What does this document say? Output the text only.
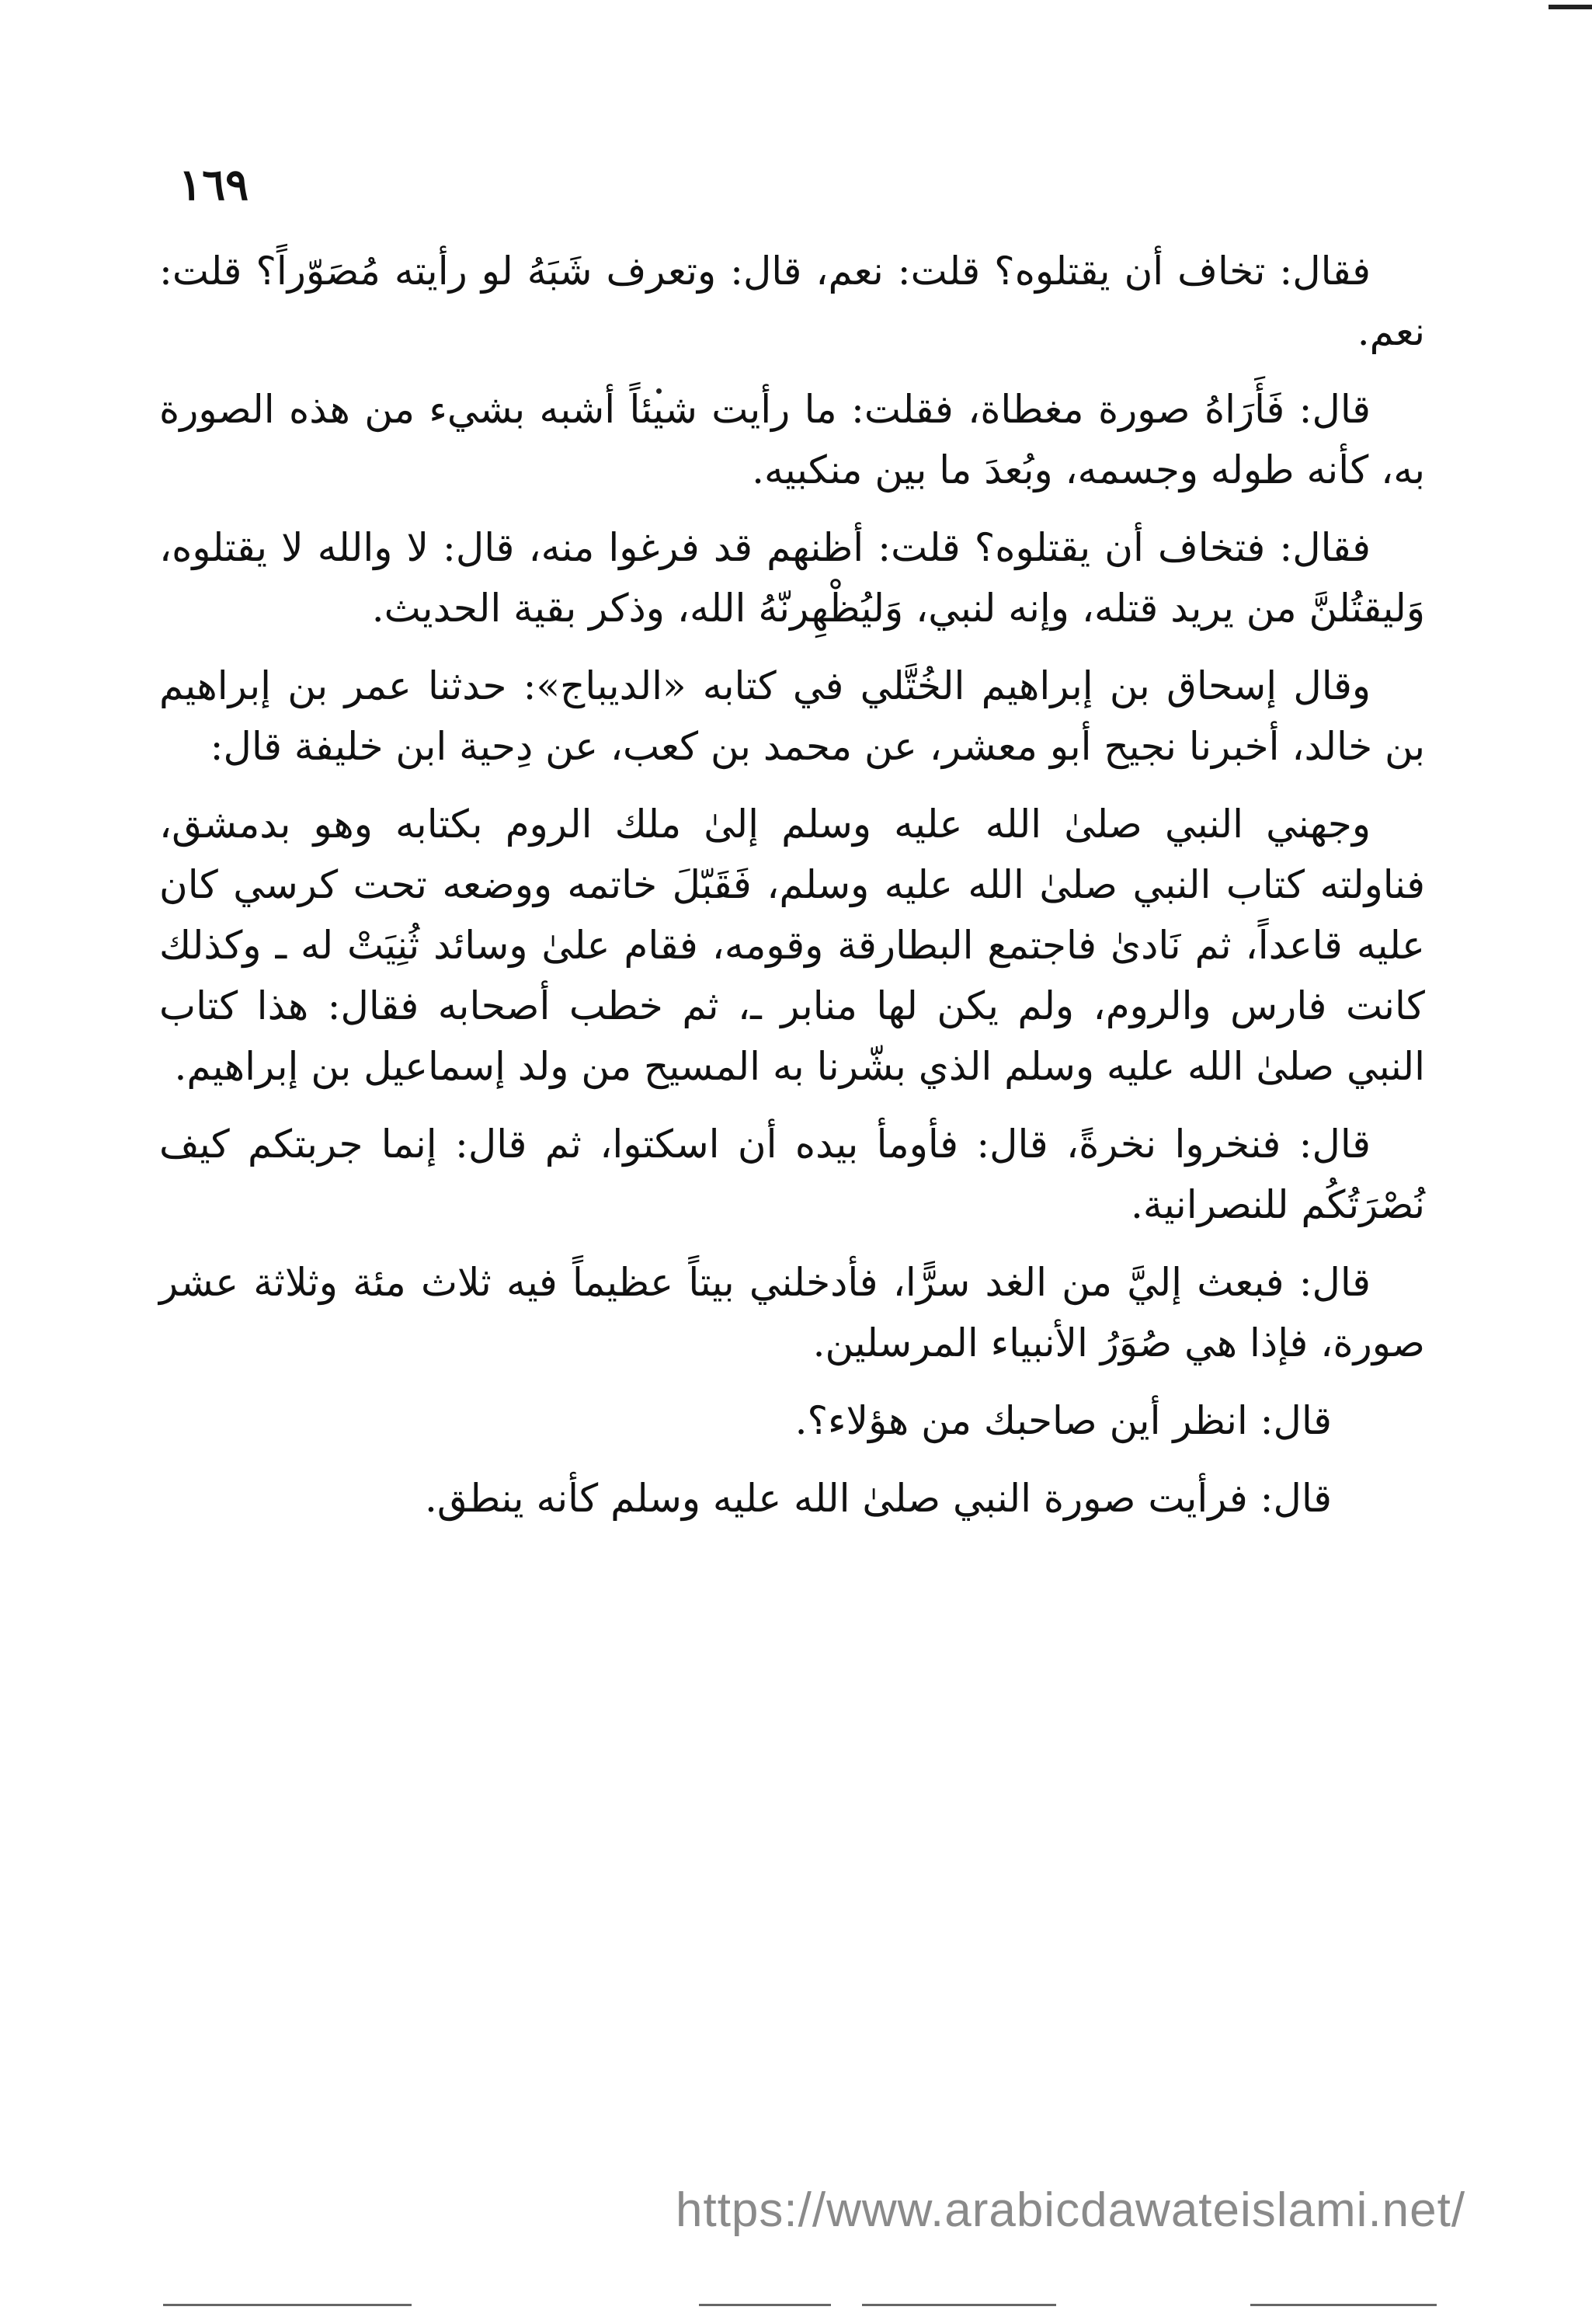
١٦٩

فقال: تخاف أن يقتلوه؟ قلت: نعم، قال: وتعرف شَبَهُ لو رأيته مُصَوّراً؟ قلت: نعم.

قال: فَأَرَاهُ صورة مغطاة، فقلت: ما رأيت شيئاً أشبه بشيء من هذه الصورة به، كأنه طوله وجسمه، وبُعدَ ما بين منكبيه.

فقال: فتخاف أن يقتلوه؟ قلت: أظنهم قد فرغوا منه، قال: لا والله لا يقتلوه، وَليقتُلنَّ من يريد قتله، وإنه لنبي، وَليُظْهِرنّهُ الله، وذكر بقية الحديث.

وقال إسحاق بن إبراهيم الخُتَّلي في كتابه «الديباج»: حدثنا عمر بن إبراهيم بن خالد، أخبرنا نجيح أبو معشر، عن محمد بن كعب، عن دِحية ابن خليفة قال:

وجهني النبي صلىٰ الله عليه وسلم إلىٰ ملك الروم بكتابه وهو بدمشق، فناولته كتاب النبي صلىٰ الله عليه وسلم، فَقَبّلَ خاتمه ووضعه تحت كرسي كان عليه قاعداً، ثم نَادىٰ فاجتمع البطارقة وقومه، فقام علىٰ وسائد ثُنِيَتْ له ـ وكذلك كانت فارس والروم، ولم يكن لها منابر ـ، ثم خطب أصحابه فقال: هذا كتاب النبي صلىٰ الله عليه وسلم الذي بشّرنا به المسيح من ولد إسماعيل بن إبراهيم.

قال: فنخروا نخرةً، قال: فأومأ بيده أن اسكتوا، ثم قال: إنما جربتكم كيف نُصْرَتُكُم للنصرانية.

قال: فبعث إليَّ من الغد سرًّا، فأدخلني بيتاً عظيماً فيه ثلاث مئة وثلاثة عشر صورة، فإذا هي صُوَرُ الأنبياء المرسلين.

قال: انظر أين صاحبك من هؤلاء؟.

قال: فرأيت صورة النبي صلىٰ الله عليه وسلم كأنه ينطق.

https://www.arabicdawateislami.net/
